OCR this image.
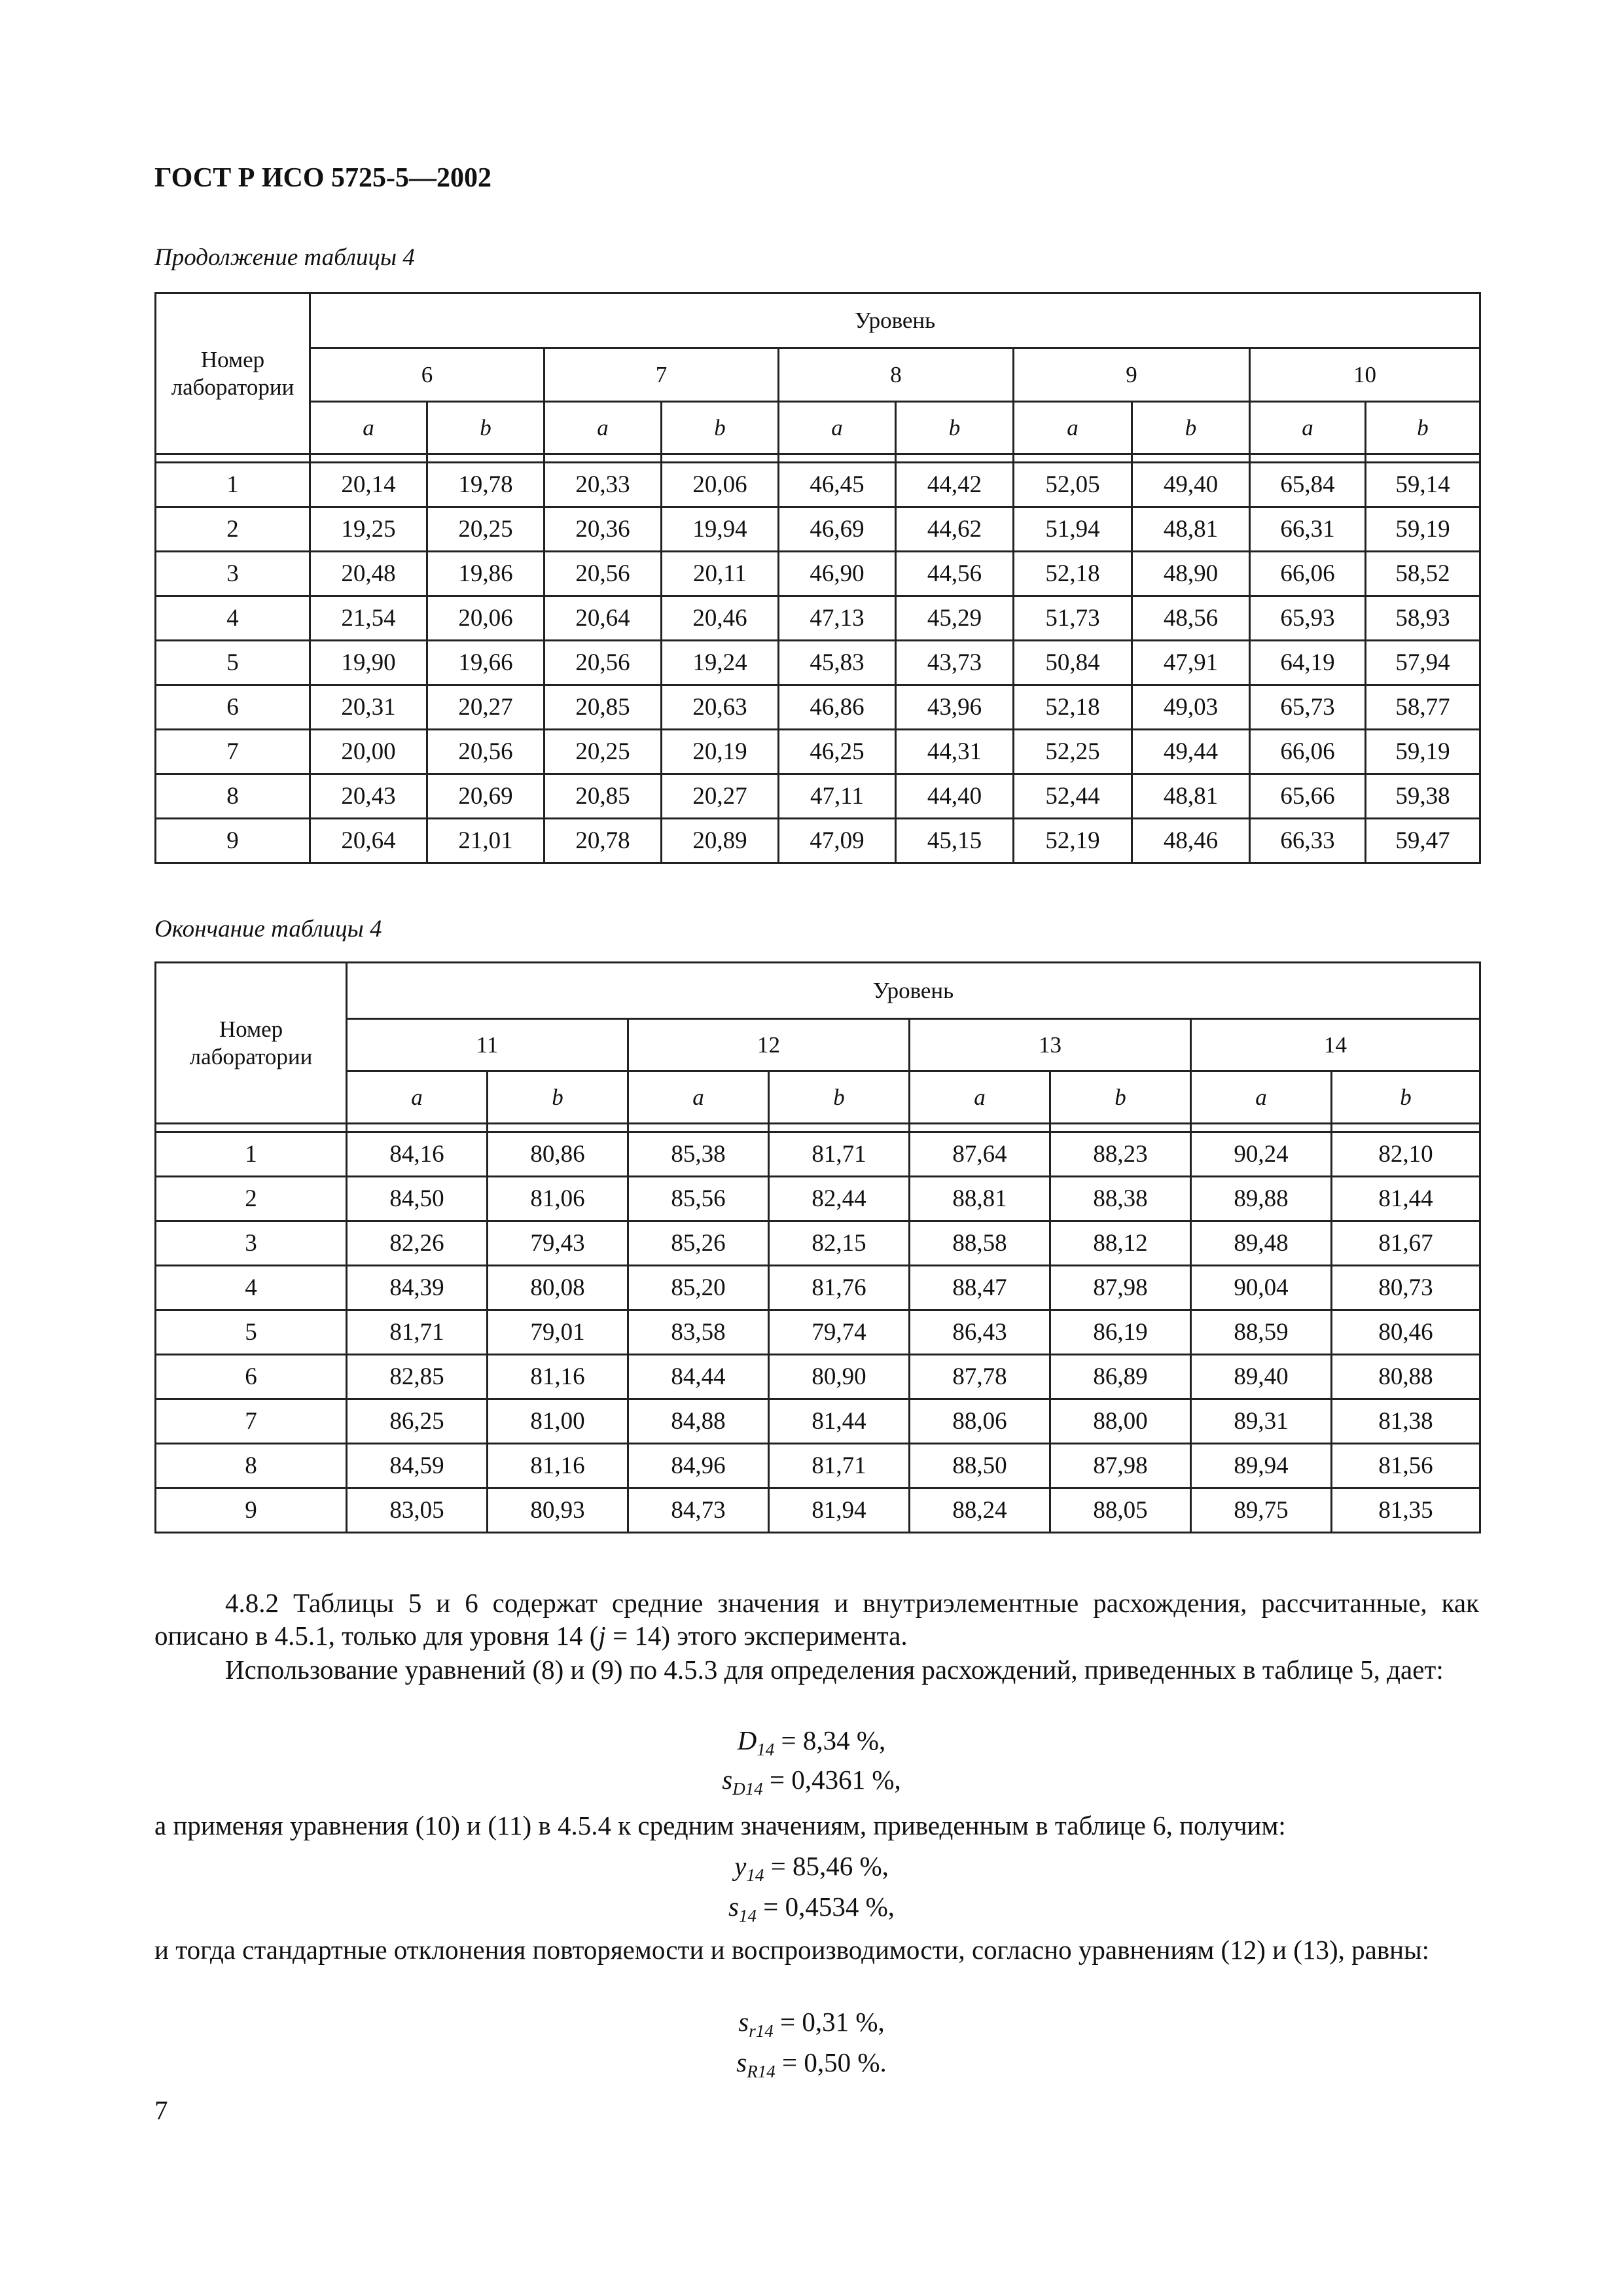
ГОСТ Р ИСО 5725-5—2002
Продолжение таблицы 4
Номер лаборатории	Уровень									
	6		7		8		9		10	
	a	b	a	b	a	b	a	b	a	b

1	20,14	19,78	20,33	20,06	46,45	44,42	52,05	49,40	65,84	59,14
2	19,25	20,25	20,36	19,94	46,69	44,62	51,94	48,81	66,31	59,19
3	20,48	19,86	20,56	20,11	46,90	44,56	52,18	48,90	66,06	58,52
4	21,54	20,06	20,64	20,46	47,13	45,29	51,73	48,56	65,93	58,93
5	19,90	19,66	20,56	19,24	45,83	43,73	50,84	47,91	64,19	57,94
6	20,31	20,27	20,85	20,63	46,86	43,96	52,18	49,03	65,73	58,77
7	20,00	20,56	20,25	20,19	46,25	44,31	52,25	49,44	66,06	59,19
8	20,43	20,69	20,85	20,27	47,11	44,40	52,44	48,81	65,66	59,38
9	20,64	21,01	20,78	20,89	47,09	45,15	52,19	48,46	66,33	59,47
Окончание таблицы 4
Номер лаборатории	Уровень							
	11		12		13		14	
	a	b	a	b	a	b	a	b

1	84,16	80,86	85,38	81,71	87,64	88,23	90,24	82,10
2	84,50	81,06	85,56	82,44	88,81	88,38	89,88	81,44
3	82,26	79,43	85,26	82,15	88,58	88,12	89,48	81,67
4	84,39	80,08	85,20	81,76	88,47	87,98	90,04	80,73
5	81,71	79,01	83,58	79,74	86,43	86,19	88,59	80,46
6	82,85	81,16	84,44	80,90	87,78	86,89	89,40	80,88
7	86,25	81,00	84,88	81,44	88,06	88,00	89,31	81,38
8	84,59	81,16	84,96	81,71	88,50	87,98	89,94	81,56
9	83,05	80,93	84,73	81,94	88,24	88,05	89,75	81,35
4.8.2 Таблицы 5 и 6 содержат средние значения и внутриэлементные расхождения, рассчитанные, как описано в 4.5.1, только для уровня 14 (j = 14) этого эксперимента.
Использование уравнений (8) и (9) по 4.5.3 для определения расхождений, приведенных в таблице 5, дает:
$D_{14} = 8,34$ %,
$s_{D14} = 0,4361$ %,
а применяя уравнения (10) и (11) в 4.5.4 к средним значениям, приведенным в таблице 6, получим:
$y_{14} = 85,46$ %,
$s_{14} = 0,4534$ %,
и тогда стандартные отклонения повторяемости и воспроизводимости, согласно уравнениям (12) и (13), равны:
$s_{r14} = 0,31$ %,
$s_{R14} = 0,50$ %.
7
